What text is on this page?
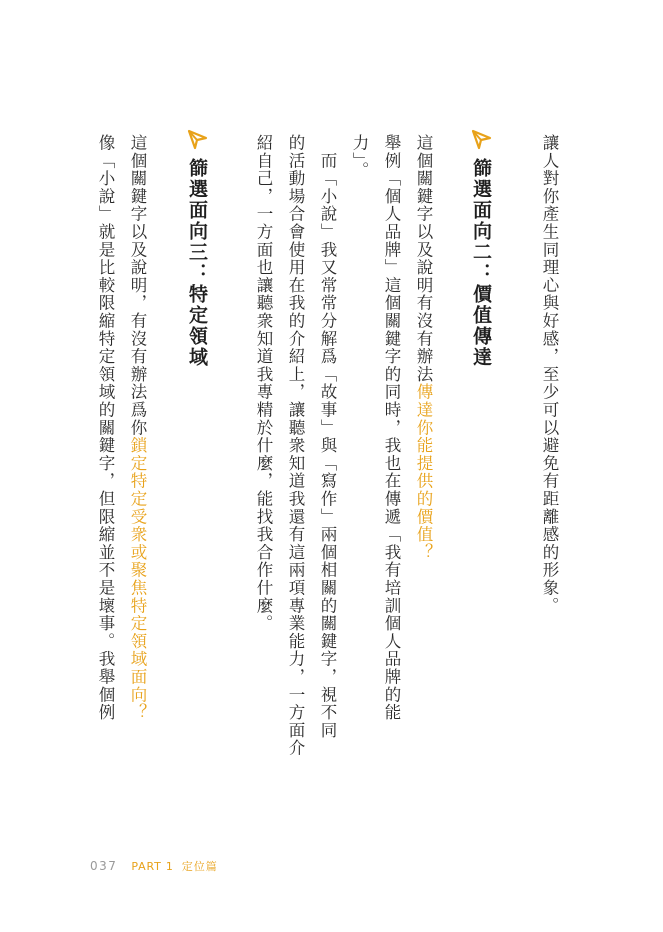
讓人對你產生同理心與好感，至少可以避免有距離感的形象。
篩選面向二：價值傳達
這個關鍵字以及說明有沒有辦法傳達你能提供的價值？
舉例「個人品牌」這個關鍵字的同時，我也在傳遞「我有培訓個人品牌的能
力」。
　而「小說」我又常常分解爲「故事」與「寫作」兩個相關的關鍵字，視不同
的活動場合會使用在我的介紹上，讓聽衆知道我還有這兩項專業能力，一方面介
紹自己，一方面也讓聽衆知道我專精於什麼，能找我合作什麼。
篩選面向三：特定領域
這個關鍵字以及說明，有沒有辦法爲你鎖定特定受衆或聚焦特定領域面向？
像「小說」就是比較限縮特定領域的關鍵字，但限縮並不是壞事。我舉個例
037 PART 1 定位篇
